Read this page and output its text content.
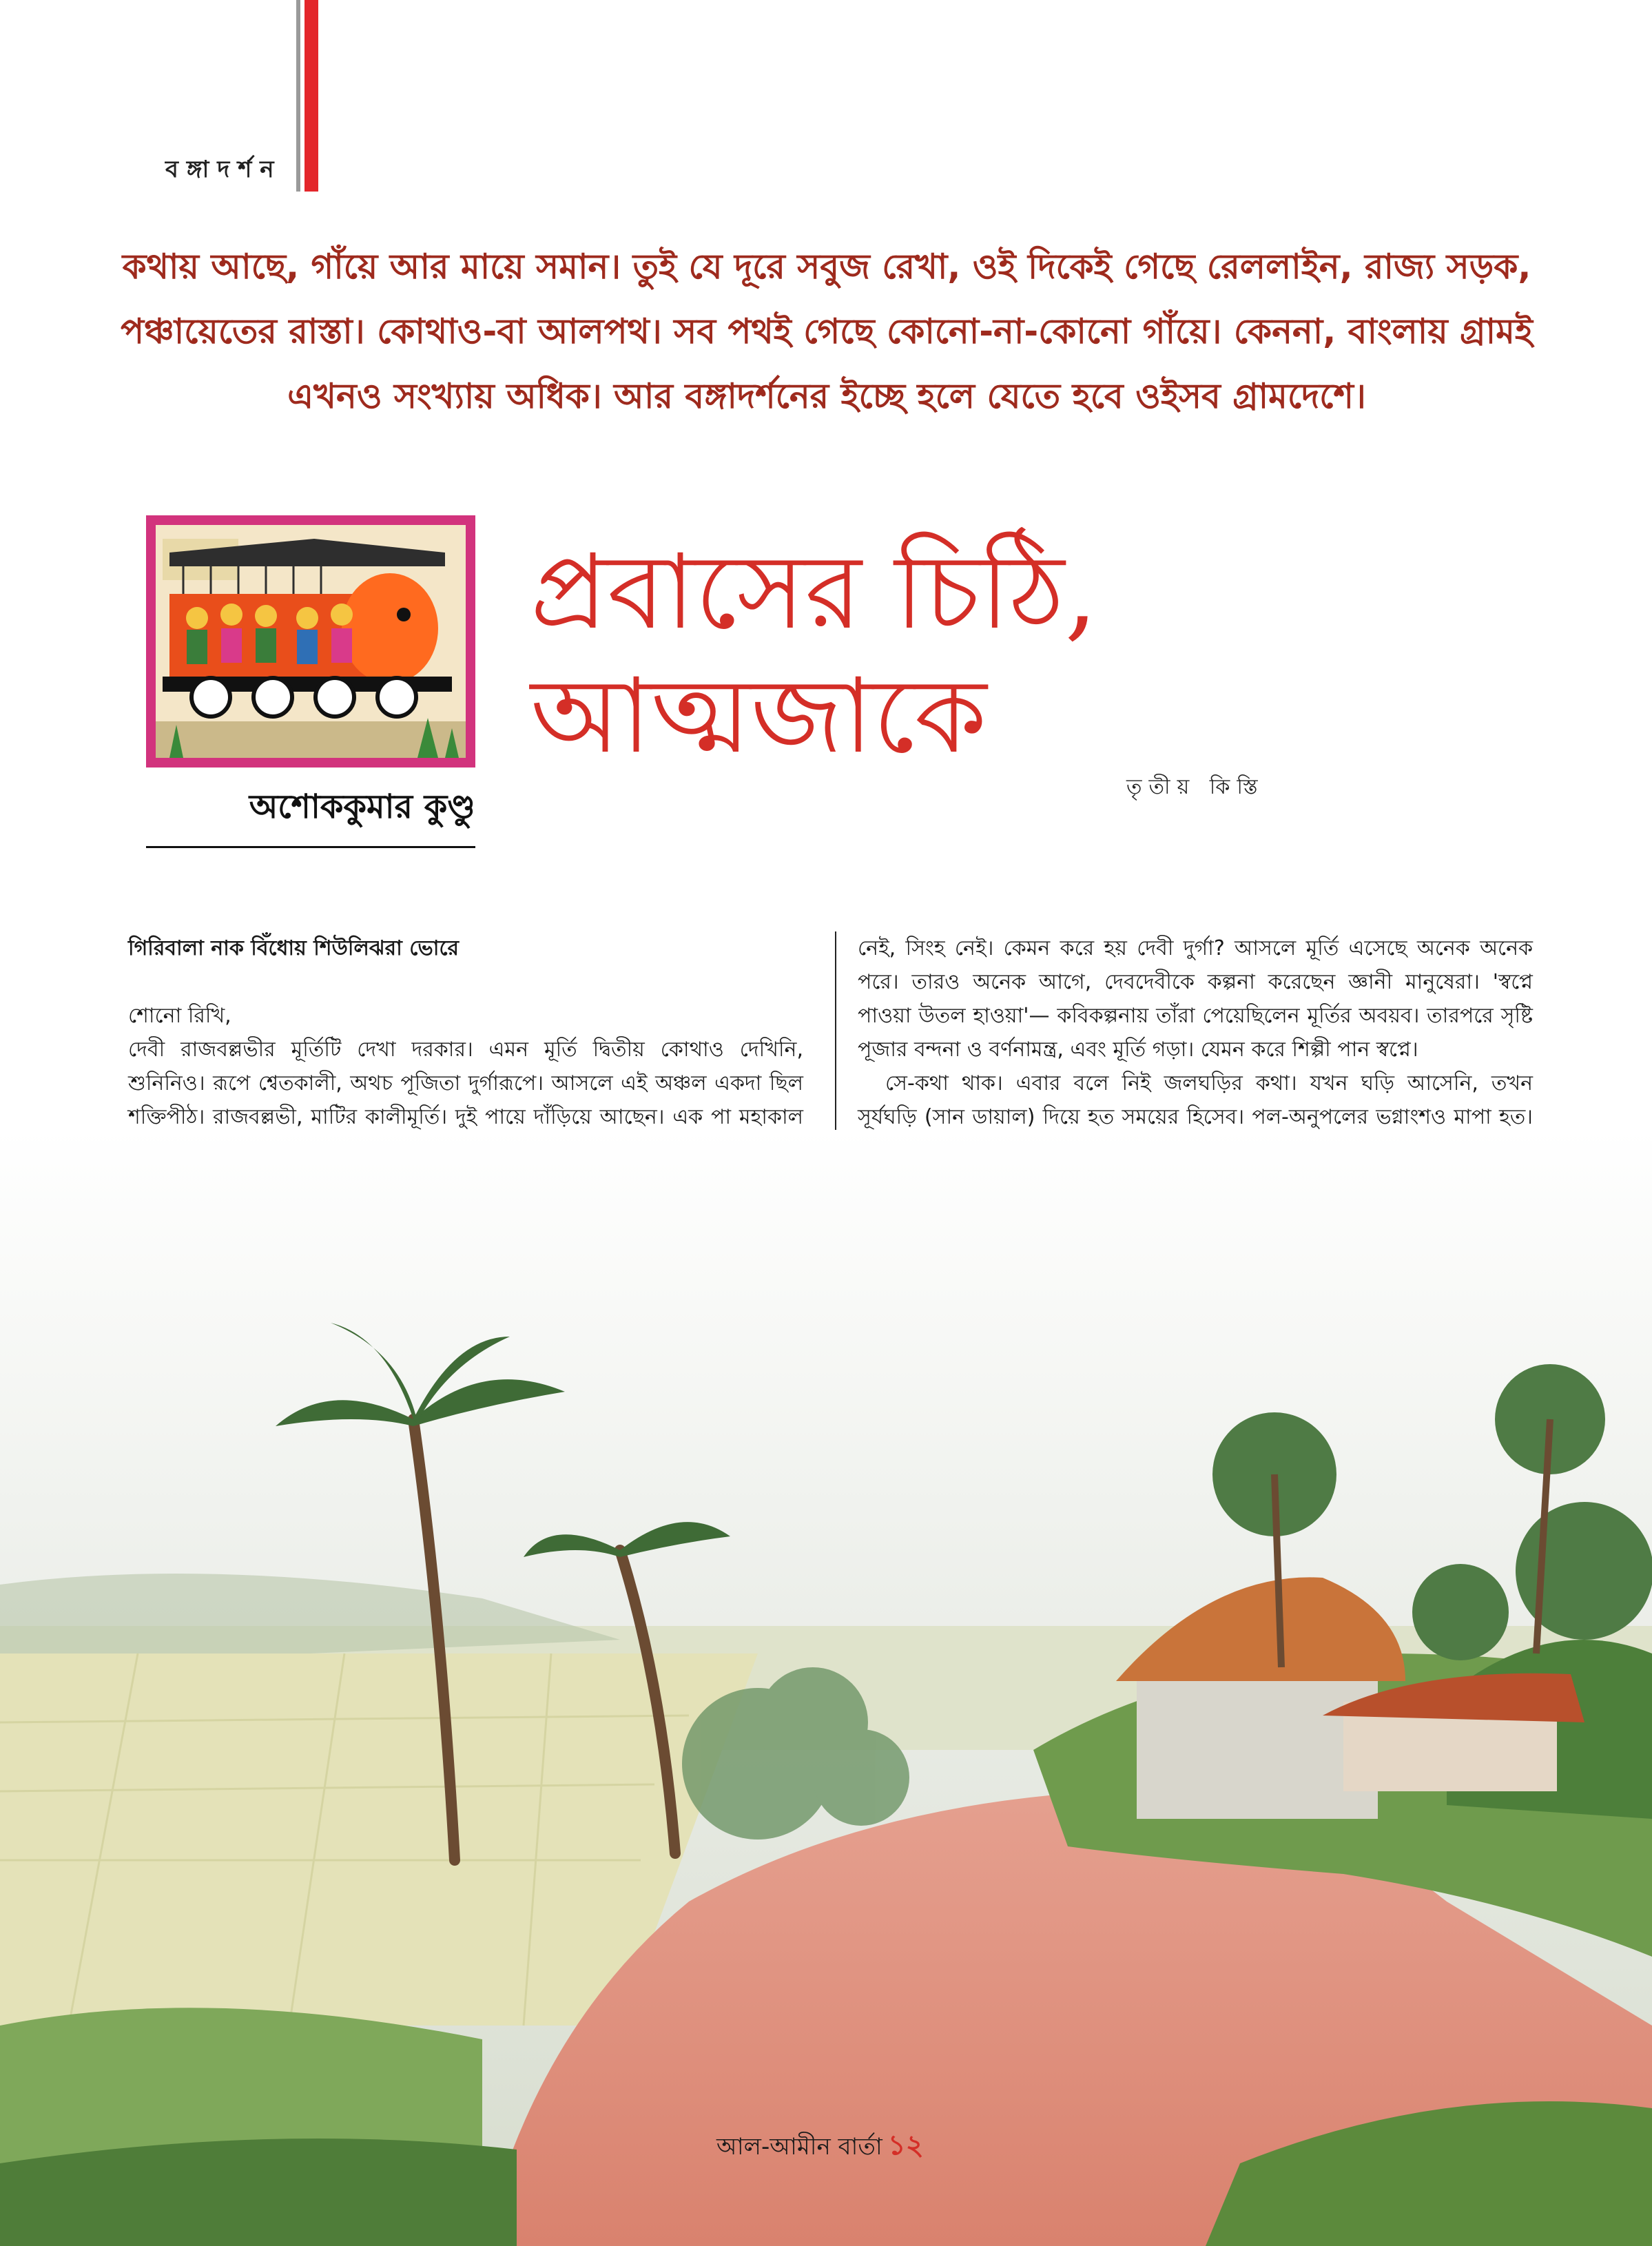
বঙ্গাদর্শন
কথায় আছে, গাঁয়ে আর মায়ে সমান। তুই যে দূরে সবুজ রেখা, ওই দিকেই গেছে রেললাইন, রাজ্য সড়ক, পঞ্চায়েতের রাস্তা। কোথাও-বা আলপথ। সব পথই গেছে কোনো-না-কোনো গাঁয়ে। কেননা, বাংলায় গ্রামই এখনও সংখ্যায় অধিক। আর বঙ্গাদর্শনের ইচ্ছে হলে যেতে হবে ওইসব গ্রামদেশে।
অশোককুমার কুণ্ডু
প্রবাসের চিঠি,
আত্মজাকে
তৃতীয় কিস্তি

গিরিবালা নাক বিঁধোয় শিউলিঝরা ভোরে

শোনো রিখি,

দেবী রাজবল্লভীর মূর্তিটি দেখা দরকার। এমন মূর্তি দ্বিতীয় কোথাও দেখিনি, শুনিনিও। রূপে শ্বেতকালী, অথচ পূজিতা দুর্গারূপে। আসলে এই অঞ্চল একদা ছিল শক্তিপীঠ। রাজবল্লভী, মাটির কালীমূর্তি। দুই পায়ে দাঁড়িয়ে আছেন। এক পা মহাকাল

নেই, সিংহ নেই। কেমন করে হয় দেবী দুর্গা? আসলে মূর্তি এসেছে অনেক অনেক পরে। তারও অনেক আগে, দেবদেবীকে কল্পনা করেছেন জ্ঞানী মানুষেরা। 'স্বপ্নে পাওয়া উতল হাওয়া'— কবিকল্পনায় তাঁরা পেয়েছিলেন মূর্তির অবয়ব। তারপরে সৃষ্টি পূজার বন্দনা ও বর্ণনামন্ত্র, এবং মূর্তি গড়া। যেমন করে শিল্পী পান স্বপ্নে।

সে-কথা থাক। এবার বলে নিই জলঘড়ির কথা। যখন ঘড়ি আসেনি, তখন সূর্যঘড়ি (সান ডায়াল) দিয়ে হত সময়ের হিসেব। পল-অনুপলের ভগ্নাংশও মাপা হত।

আল-আমীন বার্তা ১২
